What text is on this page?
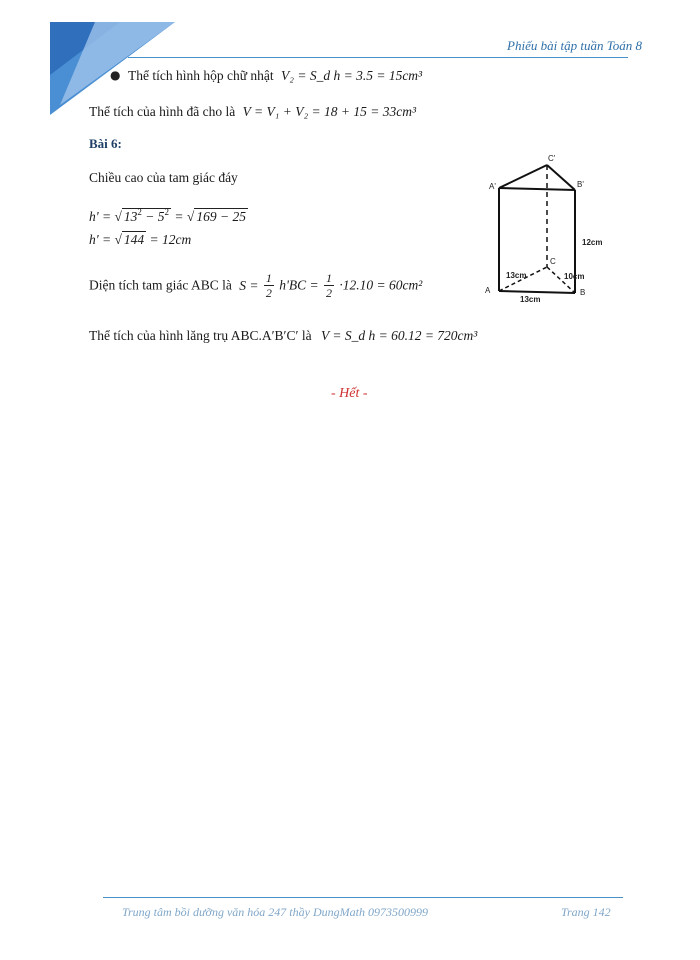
Phiếu bài tập tuần Toán 8
● Thể tích hình hộp chữ nhật V₂ = S_d h = 3.5 = 15cm³
Thể tích của hình đã cho là V = V₁ + V₂ = 18 + 15 = 33cm³
Bài 6:
Chiều cao của tam giác đáy
h' = √ $13^2 - 5^2$ = √ 169 − 25
h' = √ 144 = 12cm
Diện tích tam giác ABC là $S = \frac{1}{2} h'BC = \frac{1}{2} \cdot 12.10 = 60cm^2$
Thể tích của hình lăng trụ ABC.A′B′C′ là V = S_d h = 60.12 = 720cm³
- Hết -
C'
A'	B'
C
A	B
12cm
13cm	10cm
13cm
Trung tâm bồi dưỡng văn hóa 247 thầy DungMath 0973500999	Trang 142
